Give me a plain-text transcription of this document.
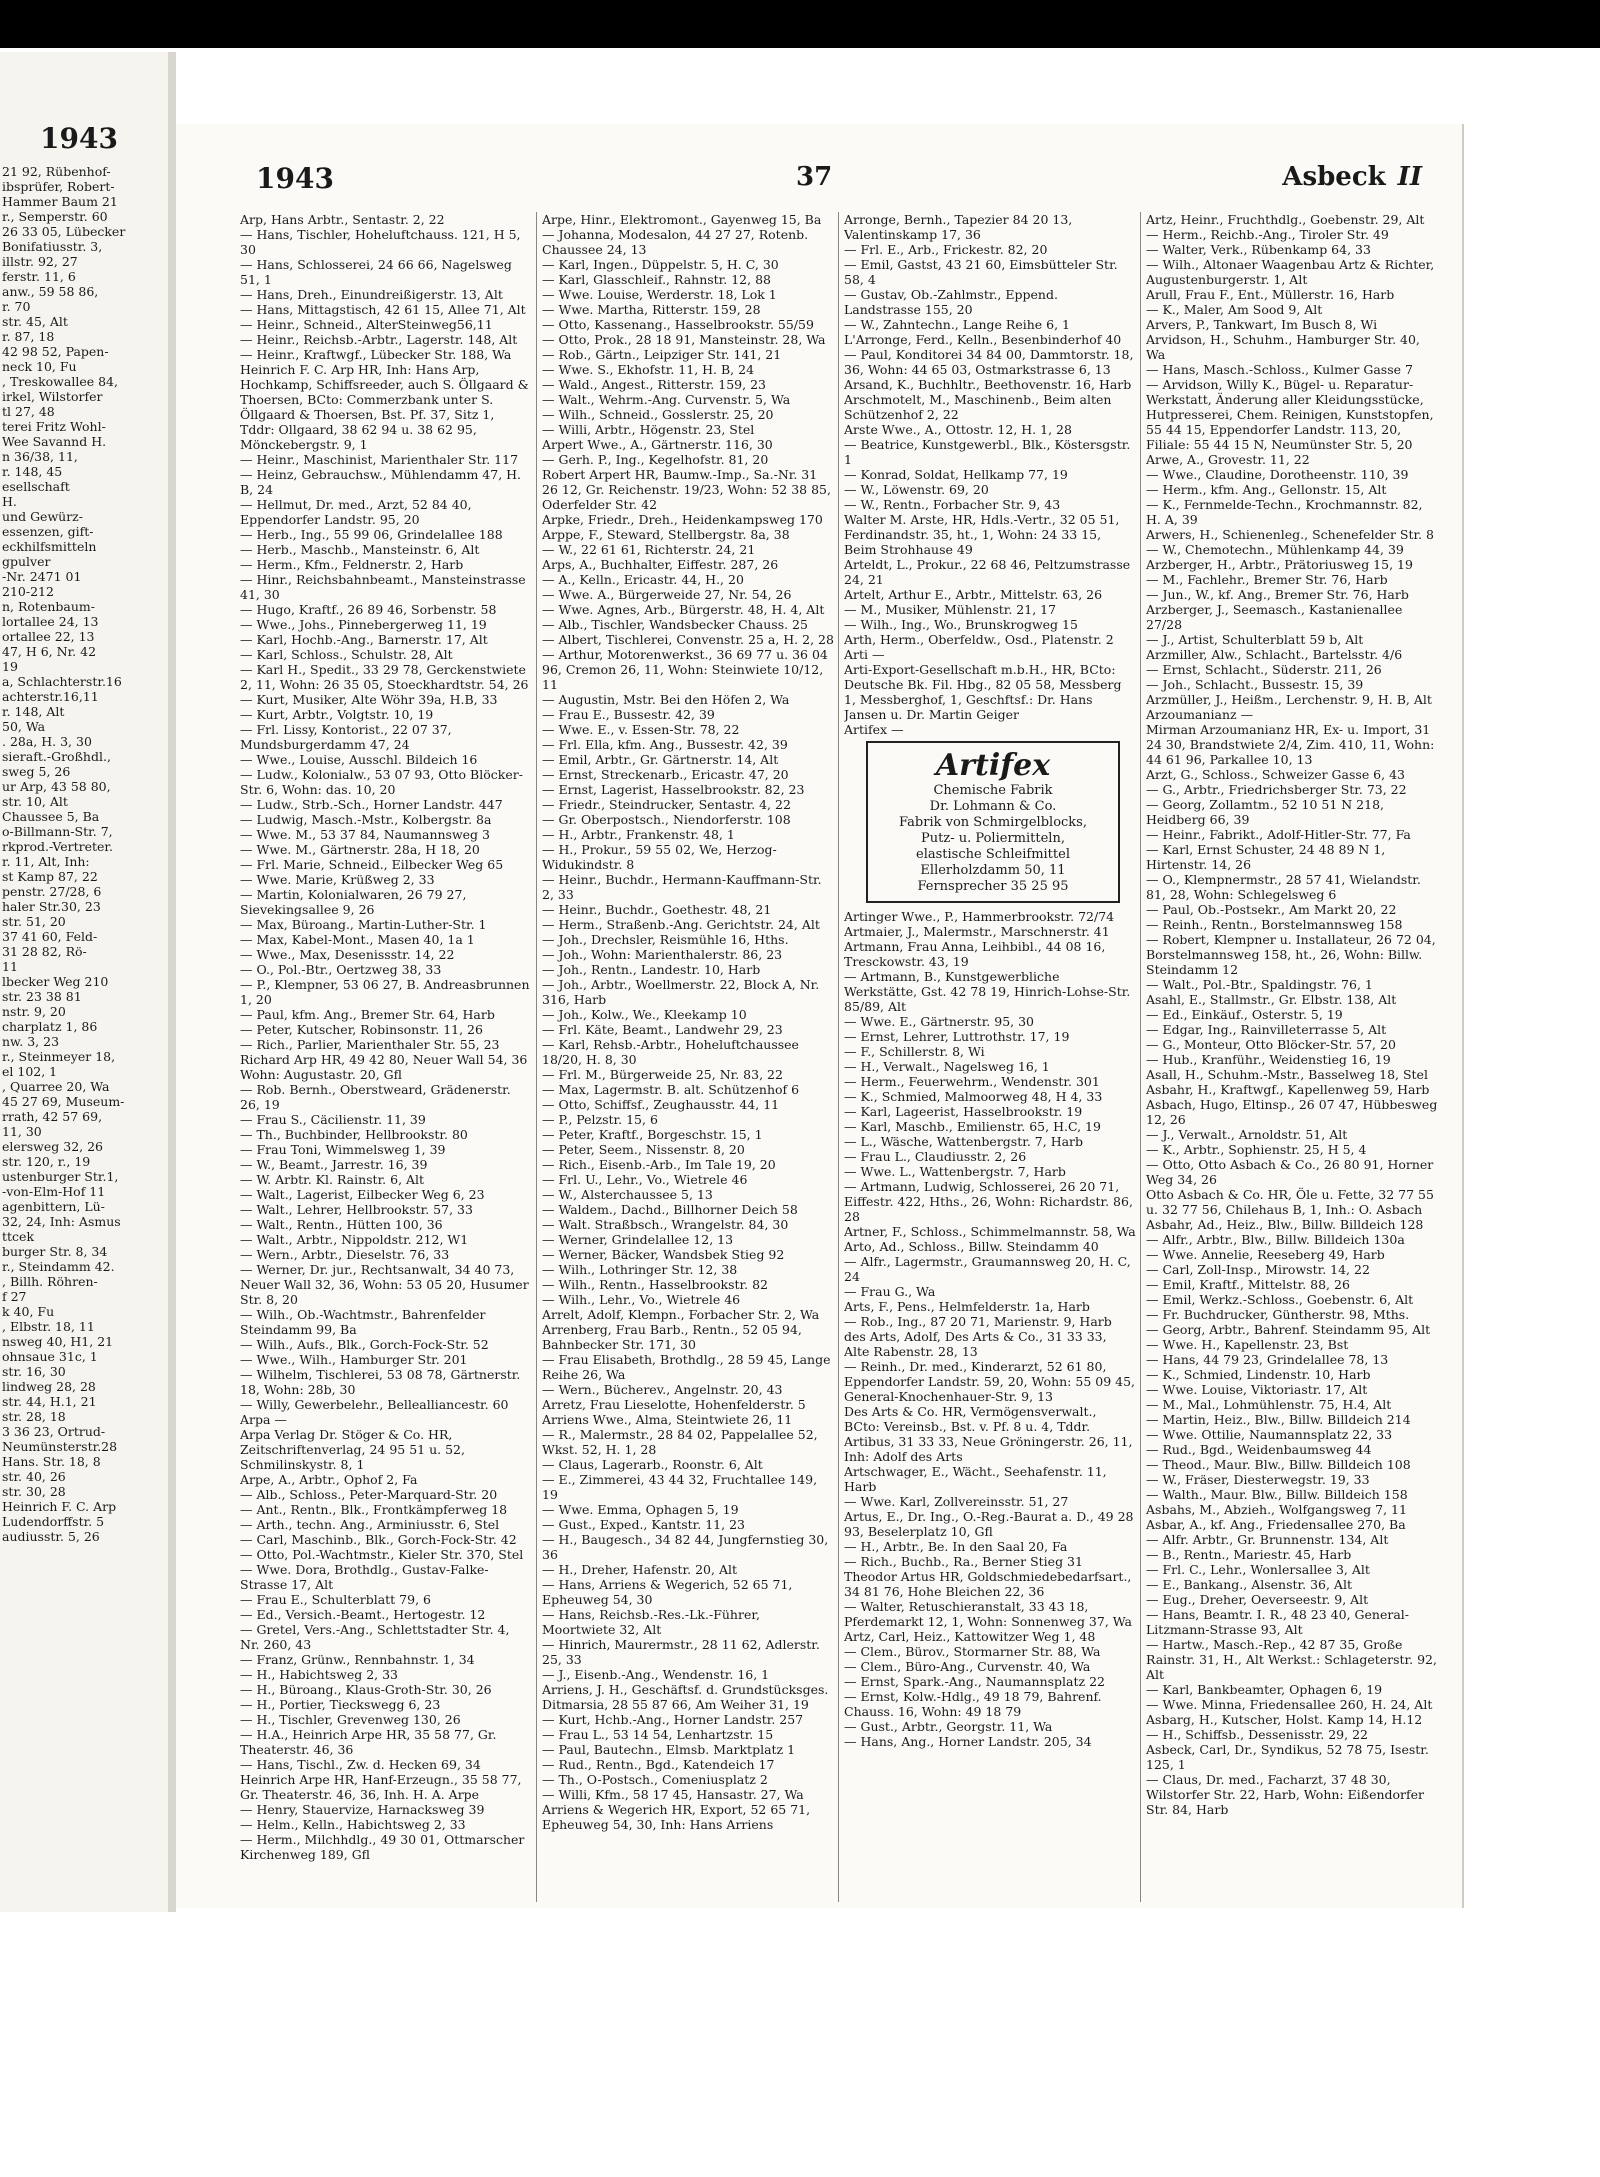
1943
21 92, Rübenhof-
ibsprüfer, Robert-
Hammer Baum 21
r., Semperstr. 60
26 33 05, Lübecker
Bonifatiusstr. 3,
illstr. 92, 27
ferstr. 11, 6
anw., 59 58 86,
r. 70
str. 45, Alt
r. 87, 18
42 98 52, Papen-
neck 10, Fu
, Treskowallee 84,
irkel, Wilstorfer
tl 27, 48
terei Fritz Wohl-
Wee Savannd H.
n 36/38, 11,
r. 148, 45
esellschaft
H.
und Gewürz-
essenzen, gift-
eckhilfsmitteln
gpulver
-Nr. 2471 01
210-212
n, Rotenbaum-
lortallee 24, 13
ortallee 22, 13
47, H 6, Nr. 42
19
a, Schlachterstr.16
achterstr.16,11
r. 148, Alt
50, Wa
. 28a, H. 3, 30
sieraft.-Großhdl.,
sweg 5, 26
ur Arp, 43 58 80,
str. 10, Alt
Chaussee 5, Ba
o-Billmann-Str. 7,
rkprod.-Vertreter.
r. 11, Alt, Inh:
st Kamp 87, 22
penstr. 27/28, 6
haler Str.30, 23
str. 51, 20
37 41 60, Feld-
31 28 82, Rö-
11
lbecker Weg 210
str. 23 38 81
nstr. 9, 20
charplatz 1, 86
nw. 3, 23
r., Steinmeyer 18,
el 102, 1
, Quarree 20, Wa
45 27 69, Museum-
rrath, 42 57 69,
11, 30
elersweg 32, 26
str. 120, r., 19
ustenburger Str.1,
-von-Elm-Hof 11
agenbittern, Lü-
32, 24, Inh: Asmus
ttcek
burger Str. 8, 34
r., Steindamm 42.
, Billh. Röhren-
f 27
k 40, Fu
, Elbstr. 18, 11
nsweg 40, H1, 21
ohnsaue 31c, 1
str. 16, 30
lindweg 28, 28
str. 44, H.1, 21
str. 28, 18
3 36 23, Ortrud-
Neumünsterstr.28
Hans. Str. 18, 8
str. 40, 26
str. 30, 28
Heinrich F. C. Arp
Ludendorffstr. 5
audiusstr. 5, 26
1943	37	Asbeck II
Arp, Hans Arbtr., Sentastr. 2, 22
— Hans, Tischler, Hoheluftchauss. 121, H 5, 30
— Hans, Schlosserei, 24 66 66, Nagelsweg 51, 1
— Hans, Dreh., Einundreißigerstr. 13, Alt
— Hans, Mittagstisch, 42 61 15, Allee 71, Alt
— Heinr., Schneid., AlterSteinweg56,11
— Heinr., Reichsb.-Arbtr., Lagerstr. 148, Alt
— Heinr., Kraftwgf., Lübecker Str. 188, Wa
Heinrich F. C. Arp HR, Inh: Hans Arp, Hochkamp, Schiffsreeder, auch S. Öllgaard & Thoersen, BCto: Commerzbank unter S. Öllgaard & Thoersen, Bst. Pf. 37, Sitz 1, Tddr: Ollgaard, 38 62 94 u. 38 62 95, Mönckebergstr. 9, 1
— Heinr., Maschinist, Marienthaler Str. 117
— Heinz, Gebrauchsw., Mühlendamm 47, H. B, 24
— Hellmut, Dr. med., Arzt, 52 84 40, Eppendorfer Landstr. 95, 20
— Herb., Ing., 55 99 06, Grindelallee 188
— Herb., Maschb., Mansteinstr. 6, Alt
— Herm., Kfm., Feldnerstr. 2, Harb
— Hinr., Reichsbahnbeamt., Mansteinstrasse 41, 30
— Hugo, Kraftf., 26 89 46, Sorbenstr. 58
— Wwe., Johs., Pinnebergerweg 11, 19
— Karl, Hochb.-Ang., Barnerstr. 17, Alt
— Karl, Schloss., Schulstr. 28, Alt
— Karl H., Spedit., 33 29 78, Gerckenstwiete 2, 11, Wohn: 26 35 05, Stoeckhardtstr. 54, 26
— Kurt, Musiker, Alte Wöhr 39a, H.B, 33
— Kurt, Arbtr., Volgtstr. 10, 19
— Frl. Lissy, Kontorist., 22 07 37, Mundsburgerdamm 47, 24
— Wwe., Louise, Ausschl. Bildeich 16
— Ludw., Kolonialw., 53 07 93, Otto Blöcker-Str. 6, Wohn: das. 10, 20
— Ludw., Strb.-Sch., Horner Landstr. 447
— Ludwig, Masch.-Mstr., Kolbergstr. 8a
— Wwe. M., 53 37 84, Naumannsweg 3
— Wwe. M., Gärtnerstr. 28a, H 18, 20
— Frl. Marie, Schneid., Eilbecker Weg 65
— Wwe. Marie, Krüßweg 2, 33
— Martin, Kolonialwaren, 26 79 27, Sievekingsallee 9, 26
— Max, Büroang., Martin-Luther-Str. 1
— Max, Kabel-Mont., Masen 40, 1a 1
— Wwe., Max, Desenissstr. 14, 22
— O., Pol.-Btr., Oertzweg 38, 33
— P., Klempner, 53 06 27, B. Andreasbrunnen 1, 20
— Paul, kfm. Ang., Bremer Str. 64, Harb
— Peter, Kutscher, Robinsonstr. 11, 26
— Rich., Parlier, Marienthaler Str. 55, 23
Richard Arp HR, 49 42 80, Neuer Wall 54, 36 Wohn: Augustastr. 20, Gfl
— Rob. Bernh., Oberstweard, Grädenerstr. 26, 19
— Frau S., Cäcilienstr. 11, 39
— Th., Buchbinder, Hellbrookstr. 80
— Frau Toni, Wimmelsweg 1, 39
— W., Beamt., Jarrestr. 16, 39
— W. Arbtr. Kl. Rainstr. 6, Alt
— Walt., Lagerist, Eilbecker Weg 6, 23
— Walt., Lehrer, Hellbrookstr. 57, 33
— Walt., Rentn., Hütten 100, 36
— Walt., Arbtr., Nippoldstr. 212, W1
— Wern., Arbtr., Dieselstr. 76, 33
— Werner, Dr. jur., Rechtsanwalt, 34 40 73, Neuer Wall 32, 36, Wohn: 53 05 20, Husumer Str. 8, 20
— Wilh., Ob.-Wachtmstr., Bahrenfelder Steindamm 99, Ba
— Wilh., Aufs., Blk., Gorch-Fock-Str. 52
— Wwe., Wilh., Hamburger Str. 201
— Wilhelm, Tischlerei, 53 08 78, Gärtnerstr. 18, Wohn: 28b, 30
— Willy, Gewerbelehr., Bellealliancestr. 60
Arpa —
Arpa Verlag Dr. Stöger & Co. HR, Zeitschriftenverlag, 24 95 51 u. 52, Schmilinskystr. 8, 1
Arpe, A., Arbtr., Ophof 2, Fa
— Alb., Schloss., Peter-Marquard-Str. 20
— Ant., Rentn., Blk., Frontkämpferweg 18
— Arth., techn. Ang., Arminiusstr. 6, Stel
— Carl, Maschinb., Blk., Gorch-Fock-Str. 42
— Otto, Pol.-Wachtmstr., Kieler Str. 370, Stel
— Wwe. Dora, Brothdlg., Gustav-Falke-Strasse 17, Alt
— Frau E., Schulterblatt 79, 6
— Ed., Versich.-Beamt., Hertogestr. 12
— Gretel, Vers.-Ang., Schlettstadter Str. 4, Nr. 260, 43
— Franz, Grünw., Rennbahnstr. 1, 34
— H., Habichtsweg 2, 33
— H., Büroang., Klaus-Groth-Str. 30, 26
— H., Portier, Tieckswegg 6, 23
— H., Tischler, Grevenweg 130, 26
— H.A., Heinrich Arpe HR, 35 58 77, Gr. Theaterstr. 46, 36
— Hans, Tischl., Zw. d. Hecken 69, 34
Heinrich Arpe HR, Hanf-Erzeugn., 35 58 77, Gr. Theaterstr. 46, 36, Inh. H. A. Arpe
— Henry, Stauervize, Harnacksweg 39
— Helm., Kelln., Habichtsweg 2, 33
— Herm., Milchhdlg., 49 30 01, Ottmarscher Kirchenweg 189, Gfl
Arpe, Hinr., Elektromont., Gayenweg 15, Ba
— Johanna, Modesalon, 44 27 27, Rotenb. Chaussee 24, 13
— Karl, Ingen., Düppelstr. 5, H. C, 30
— Karl, Glasschleif., Rahnstr. 12, 88
— Wwe. Louise, Werderstr. 18, Lok 1
— Wwe. Martha, Ritterstr. 159, 28
— Otto, Kassenang., Hasselbrookstr. 55/59
— Otto, Prok., 28 18 91, Mansteinstr. 28, Wa
— Rob., Gärtn., Leipziger Str. 141, 21
— Wwe. S., Ekhofstr. 11, H. B, 24
— Wald., Angest., Ritterstr. 159, 23
— Walt., Wehrm.-Ang. Curvenstr. 5, Wa
— Wilh., Schneid., Gosslerstr. 25, 20
— Willi, Arbtr., Högenstr. 23, Stel
Arpert Wwe., A., Gärtnerstr. 116, 30
— Gerh. P., Ing., Kegelhofstr. 81, 20
Robert Arpert HR, Baumw.-Imp., Sa.-Nr. 31 26 12, Gr. Reichenstr. 19/23, Wohn: 52 38 85, Oderfelder Str. 42
Arpke, Friedr., Dreh., Heidenkampsweg 170
Arppe, F., Steward, Stellbergstr. 8a, 38
— W., 22 61 61, Richterstr. 24, 21
Arps, A., Buchhalter, Eiffestr. 287, 26
— A., Kelln., Ericastr. 44, H., 20
— Wwe. A., Bürgerweide 27, Nr. 54, 26
— Wwe. Agnes, Arb., Bürgerstr. 48, H. 4, Alt
— Alb., Tischler, Wandsbecker Chauss. 25
— Albert, Tischlerei, Convenstr. 25 a, H. 2, 28
— Arthur, Motorenwerkst., 36 69 77 u. 36 04 96, Cremon 26, 11, Wohn: Steinwiete 10/12, 11
— Augustin, Mstr. Bei den Höfen 2, Wa
— Frau E., Bussestr. 42, 39
— Wwe. E., v. Essen-Str. 78, 22
— Frl. Ella, kfm. Ang., Bussestr. 42, 39
— Emil, Arbtr., Gr. Gärtnerstr. 14, Alt
— Ernst, Streckenarb., Ericastr. 47, 20
— Ernst, Lagerist, Hasselbrookstr. 82, 23
— Friedr., Steindrucker, Sentastr. 4, 22
— Gr. Oberpostsch., Niendorferstr. 108
— H., Arbtr., Frankenstr. 48, 1
— H., Prokur., 59 55 02, We, Herzog-Widukindstr. 8
— Heinr., Buchdr., Hermann-Kauffmann-Str. 2, 33
— Heinr., Buchdr., Goethestr. 48, 21
— Herm., Straßenb.-Ang. Gerichtstr. 24, Alt
— Joh., Drechsler, Reismühle 16, Hths.
— Joh., Wohn: Marienthalerstr. 86, 23
— Joh., Rentn., Landestr. 10, Harb
— Joh., Arbtr., Woellmerstr. 22, Block A, Nr. 316, Harb
— Joh., Kolw., We., Kleekamp 10
— Frl. Käte, Beamt., Landwehr 29, 23
— Karl, Rehsb.-Arbtr., Hoheluftchaussee 18/20, H. 8, 30
— Frl. M., Bürgerweide 25, Nr. 83, 22
— Max, Lagermstr. B. alt. Schützenhof 6
— Otto, Schiffsf., Zeughausstr. 44, 11
— P., Pelzstr. 15, 6
— Peter, Kraftf., Borgeschstr. 15, 1
— Peter, Seem., Nissenstr. 8, 20
— Rich., Eisenb.-Arb., Im Tale 19, 20
— Frl. U., Lehr., Vo., Wietrele 46
— W., Alsterchaussee 5, 13
— Waldem., Dachd., Billhorner Deich 58
— Walt. Straßbsch., Wrangelstr. 84, 30
— Werner, Grindelallee 12, 13
— Werner, Bäcker, Wandsbek Stieg 92
— Wilh., Lothringer Str. 12, 38
— Wilh., Rentn., Hasselbrookstr. 82
— Wilh., Lehr., Vo., Wietrele 46
Arrelt, Adolf, Klempn., Forbacher Str. 2, Wa
Arrenberg, Frau Barb., Rentn., 52 05 94, Bahnbecker Str. 171, 30
— Frau Elisabeth, Brothdlg., 28 59 45, Lange Reihe 26, Wa
— Wern., Bücherev., Angelnstr. 20, 43
Arretz, Frau Lieselotte, Hohenfelderstr. 5
Arriens Wwe., Alma, Steintwiete 26, 11
— R., Malermstr., 28 84 02, Pappelallee 52, Wkst. 52, H. 1, 28
— Claus, Lagerarb., Roonstr. 6, Alt
— E., Zimmerei, 43 44 32, Fruchtallee 149, 19
— Wwe. Emma, Ophagen 5, 19
— Gust., Exped., Kantstr. 11, 23
— H., Baugesch., 34 82 44, Jungfernstieg 30, 36
— H., Dreher, Hafenstr. 20, Alt
— Hans, Arriens & Wegerich, 52 65 71, Epheuweg 54, 30
— Hans, Reichsb.-Res.-Lk.-Führer, Moortwiete 32, Alt
— Hinrich, Maurermstr., 28 11 62, Adlerstr. 25, 33
— J., Eisenb.-Ang., Wendenstr. 16, 1
Arriens, J. H., Geschäftsf. d. Grundstücksges. Ditmarsia, 28 55 87 66, Am Weiher 31, 19
— Kurt, Hchb.-Ang., Horner Landstr. 257
— Frau L., 53 14 54, Lenhartzstr. 15
— Paul, Bautechn., Elmsb. Marktplatz 1
— Rud., Rentn., Bgd., Katendeich 17
— Th., O-Postsch., Comeniusplatz 2
— Willi, Kfm., 58 17 45, Hansastr. 27, Wa
Arriens & Wegerich HR, Export, 52 65 71, Epheuweg 54, 30, Inh: Hans Arriens
Arronge, Bernh., Tapezier 84 20 13, Valentinskamp 17, 36
— Frl. E., Arb., Frickestr. 82, 20
— Emil, Gastst, 43 21 60, Eimsbütteler Str. 58, 4
— Gustav, Ob.-Zahlmstr., Eppend. Landstrasse 155, 20
— W., Zahntechn., Lange Reihe 6, 1
L'Arronge, Ferd., Kelln., Besenbinderhof 40
— Paul, Konditorei 34 84 00, Dammtorstr. 18, 36, Wohn: 44 65 03, Ostmarkstrasse 6, 13
Arsand, K., Buchhltr., Beethovenstr. 16, Harb
Arschmotelt, M., Maschinenb., Beim alten Schützenhof 2, 22
Arste Wwe., A., Ottostr. 12, H. 1, 28
— Beatrice, Kunstgewerbl., Blk., Köstersgstr. 1
— Konrad, Soldat, Hellkamp 77, 19
— W., Löwenstr. 69, 20
— W., Rentn., Forbacher Str. 9, 43
Walter M. Arste, HR, Hdls.-Vertr., 32 05 51, Ferdinandstr. 35, ht., 1, Wohn: 24 33 15, Beim Strohhause 49
Arteldt, L., Prokur., 22 68 46, Peltzumstrasse 24, 21
Artelt, Arthur E., Arbtr., Mittelstr. 63, 26
— M., Musiker, Mühlenstr. 21, 17
— Wilh., Ing., Wo., Brunskrogweg 15
Arth, Herm., Oberfeldw., Osd., Platenstr. 2
Arti —
Arti-Export-Gesellschaft m.b.H., HR, BCto: Deutsche Bk. Fil. Hbg., 82 05 58, Messberg 1, Messberghof, 1, Geschftsf.: Dr. Hans Jansen u. Dr. Martin Geiger
Artifex —
Artifex
Chemische Fabrik
Dr. Lohmann & Co.
Fabrik von Schmirgelblocks,
Putz- u. Poliermitteln,
elastische Schleifmittel
Ellerholzdamm 50, 11
Fernsprecher 35 25 95
Artinger Wwe., P., Hammerbrookstr. 72/74
Artmaier, J., Malermstr., Marschnerstr. 41
Artmann, Frau Anna, Leihbibl., 44 08 16, Tresckowstr. 43, 19
— Artmann, B., Kunstgewerbliche Werkstätte, Gst. 42 78 19, Hinrich-Lohse-Str. 85/89, Alt
— Wwe. E., Gärtnerstr. 95, 30
— Ernst, Lehrer, Luttrothstr. 17, 19
— F., Schillerstr. 8, Wi
— H., Verwalt., Nagelsweg 16, 1
— Herm., Feuerwehrm., Wendenstr. 301
— K., Schmied, Malmoorweg 48, H 4, 33
— Karl, Lageerist, Hasselbrookstr. 19
— Karl, Maschb., Emilienstr. 65, H.C, 19
— L., Wäsche, Wattenbergstr. 7, Harb
— Frau L., Claudiusstr. 2, 26
— Wwe. L., Wattenbergstr. 7, Harb
— Artmann, Ludwig, Schlosserei, 26 20 71, Eiffestr. 422, Hths., 26, Wohn: Richardstr. 86, 28
Artner, F., Schloss., Schimmelmannstr. 58, Wa
Arto, Ad., Schloss., Billw. Steindamm 40
— Alfr., Lagermstr., Graumannsweg 20, H. C, 24
— Frau G., Wa
Arts, F., Pens., Helmfelderstr. 1a, Harb
— Rob., Ing., 87 20 71, Marienstr. 9, Harb
des Arts, Adolf, Des Arts & Co., 31 33 33, Alte Rabenstr. 28, 13
— Reinh., Dr. med., Kinderarzt, 52 61 80, Eppendorfer Landstr. 59, 20, Wohn: 55 09 45, General-Knochenhauer-Str. 9, 13
Des Arts & Co. HR, Vermögensverwalt., BCto: Vereinsb., Bst. v. Pf. 8 u. 4, Tddr. Artibus, 31 33 33, Neue Gröningerstr. 26, 11, Inh: Adolf des Arts
Artschwager, E., Wächt., Seehafenstr. 11, Harb
— Wwe. Karl, Zollvereinsstr. 51, 27
Artus, E., Dr. Ing., O.-Reg.-Baurat a. D., 49 28 93, Beselerplatz 10, Gfl
— H., Arbtr., Be. In den Saal 20, Fa
— Rich., Buchb., Ra., Berner Stieg 31
Theodor Artus HR, Goldschmiedebedarfsart., 34 81 76, Hohe Bleichen 22, 36
— Walter, Retuschieranstalt, 33 43 18, Pferdemarkt 12, 1, Wohn: Sonnenweg 37, Wa
Artz, Carl, Heiz., Kattowitzer Weg 1, 48
— Clem., Bürov., Stormarner Str. 88, Wa
— Clem., Büro-Ang., Curvenstr. 40, Wa
— Ernst, Spark.-Ang., Naumannsplatz 22
— Ernst, Kolw.-Hdlg., 49 18 79, Bahrenf. Chauss. 16, Wohn: 49 18 79
— Gust., Arbtr., Georgstr. 11, Wa
— Hans, Ang., Horner Landstr. 205, 34
Artz, Heinr., Fruchthdlg., Goebenstr. 29, Alt
— Herm., Reichb.-Ang., Tiroler Str. 49
— Walter, Verk., Rübenkamp 64, 33
— Wilh., Altonaer Waagenbau Artz & Richter, Augustenburgerstr. 1, Alt
Arull, Frau F., Ent., Müllerstr. 16, Harb
— K., Maler, Am Sood 9, Alt
Arvers, P., Tankwart, Im Busch 8, Wi
Arvidson, H., Schuhm., Hamburger Str. 40, Wa
— Hans, Masch.-Schloss., Kulmer Gasse 7
— Arvidson, Willy K., Bügel- u. Reparatur-Werkstatt, Änderung aller Kleidungsstücke, Hutpresserei, Chem. Reinigen, Kunststopfen, 55 44 15, Eppendorfer Landstr. 113, 20, Filiale: 55 44 15 N, Neumünster Str. 5, 20
Arwe, A., Grovestr. 11, 22
— Wwe., Claudine, Dorotheenstr. 110, 39
— Herm., kfm. Ang., Gellonstr. 15, Alt
— K., Fernmelde-Techn., Krochmannstr. 82, H. A, 39
Arwers, H., Schienenleg., Schenefelder Str. 8
— W., Chemotechn., Mühlenkamp 44, 39
Arzberger, H., Arbtr., Prätoriusweg 15, 19
— M., Fachlehr., Bremer Str. 76, Harb
— Jun., W., kf. Ang., Bremer Str. 76, Harb
Arzberger, J., Seemasch., Kastanienallee 27/28
— J., Artist, Schulterblatt 59 b, Alt
Arzmiller, Alw., Schlacht., Bartelsstr. 4/6
— Ernst, Schlacht., Süderstr. 211, 26
— Joh., Schlacht., Bussestr. 15, 39
Arzmüller, J., Heißm., Lerchenstr. 9, H. B, Alt
Arzoumanianz —
Mirman Arzoumanianz HR, Ex- u. Import, 31 24 30, Brandstwiete 2/4, Zim. 410, 11, Wohn: 44 61 96, Parkallee 10, 13
Arzt, G., Schloss., Schweizer Gasse 6, 43
— G., Arbtr., Friedrichsberger Str. 73, 22
— Georg, Zollamtm., 52 10 51 N 218, Heidberg 66, 39
— Heinr., Fabrikt., Adolf-Hitler-Str. 77, Fa
— Karl, Ernst Schuster, 24 48 89 N 1, Hirtenstr. 14, 26
— O., Klempnermstr., 28 57 41, Wielandstr. 81, 28, Wohn: Schlegelsweg 6
— Paul, Ob.-Postsekr., Am Markt 20, 22
— Reinh., Rentn., Borstelmannsweg 158
— Robert, Klempner u. Installateur, 26 72 04, Borstelmannsweg 158, ht., 26, Wohn: Billw. Steindamm 12
— Walt., Pol.-Btr., Spaldingstr. 76, 1
Asahl, E., Stallmstr., Gr. Elbstr. 138, Alt
— Ed., Einkäuf., Osterstr. 5, 19
— Edgar, Ing., Rainvilleterrasse 5, Alt
— G., Monteur, Otto Blöcker-Str. 57, 20
— Hub., Kranführ., Weidenstieg 16, 19
Asall, H., Schuhm.-Mstr., Basselweg 18, Stel
Asbahr, H., Kraftwgf., Kapellenweg 59, Harb
Asbach, Hugo, Eltinsp., 26 07 47, Hübbesweg 12, 26
— J., Verwalt., Arnoldstr. 51, Alt
— K., Arbtr., Sophienstr. 25, H 5, 4
— Otto, Otto Asbach & Co., 26 80 91, Horner Weg 34, 26
Otto Asbach & Co. HR, Öle u. Fette, 32 77 55 u. 32 77 56, Chilehaus B, 1, Inh.: O. Asbach
Asbahr, Ad., Heiz., Blw., Billw. Billdeich 128
— Alfr., Arbtr., Blw., Billw. Billdeich 130a
— Wwe. Annelie, Reeseberg 49, Harb
— Carl, Zoll-Insp., Mirowstr. 14, 22
— Emil, Kraftf., Mittelstr. 88, 26
— Emil, Werkz.-Schloss., Goebenstr. 6, Alt
— Fr. Buchdrucker, Güntherstr. 98, Mths.
— Georg, Arbtr., Bahrenf. Steindamm 95, Alt
— Wwe. H., Kapellenstr. 23, Bst
— Hans, 44 79 23, Grindelallee 78, 13
— K., Schmied, Lindenstr. 10, Harb
— Wwe. Louise, Viktoriastr. 17, Alt
— M., Mal., Lohmühlenstr. 75, H.4, Alt
— Martin, Heiz., Blw., Billw. Billdeich 214
— Wwe. Ottilie, Naumannsplatz 22, 33
— Rud., Bgd., Weidenbaumsweg 44
— Theod., Maur. Blw., Billw. Billdeich 108
— W., Fräser, Diesterwegstr. 19, 33
— Walth., Maur. Blw., Billw. Billdeich 158
Asbahs, M., Abzieh., Wolfgangsweg 7, 11
Asbar, A., kf. Ang., Friedensallee 270, Ba
— Alfr. Arbtr., Gr. Brunnenstr. 134, Alt
— B., Rentn., Mariestr. 45, Harb
— Frl. C., Lehr., Wonlersallee 3, Alt
— E., Bankang., Alsenstr. 36, Alt
— Eug., Dreher, Oeverseestr. 9, Alt
— Hans, Beamtr. I. R., 48 23 40, General-Litzmann-Strasse 93, Alt
— Hartw., Masch.-Rep., 42 87 35, Große Rainstr. 31, H., Alt Werkst.: Schlageterstr. 92, Alt
— Karl, Bankbeamter, Ophagen 6, 19
— Wwe. Minna, Friedensallee 260, H. 24, Alt
Asbarg, H., Kutscher, Holst. Kamp 14, H.12
— H., Schiffsb., Dessenisstr. 29, 22
Asbeck, Carl, Dr., Syndikus, 52 78 75, Isestr. 125, 1
— Claus, Dr. med., Facharzt, 37 48 30, Wilstorfer Str. 22, Harb, Wohn: Eißendorfer Str. 84, Harb
